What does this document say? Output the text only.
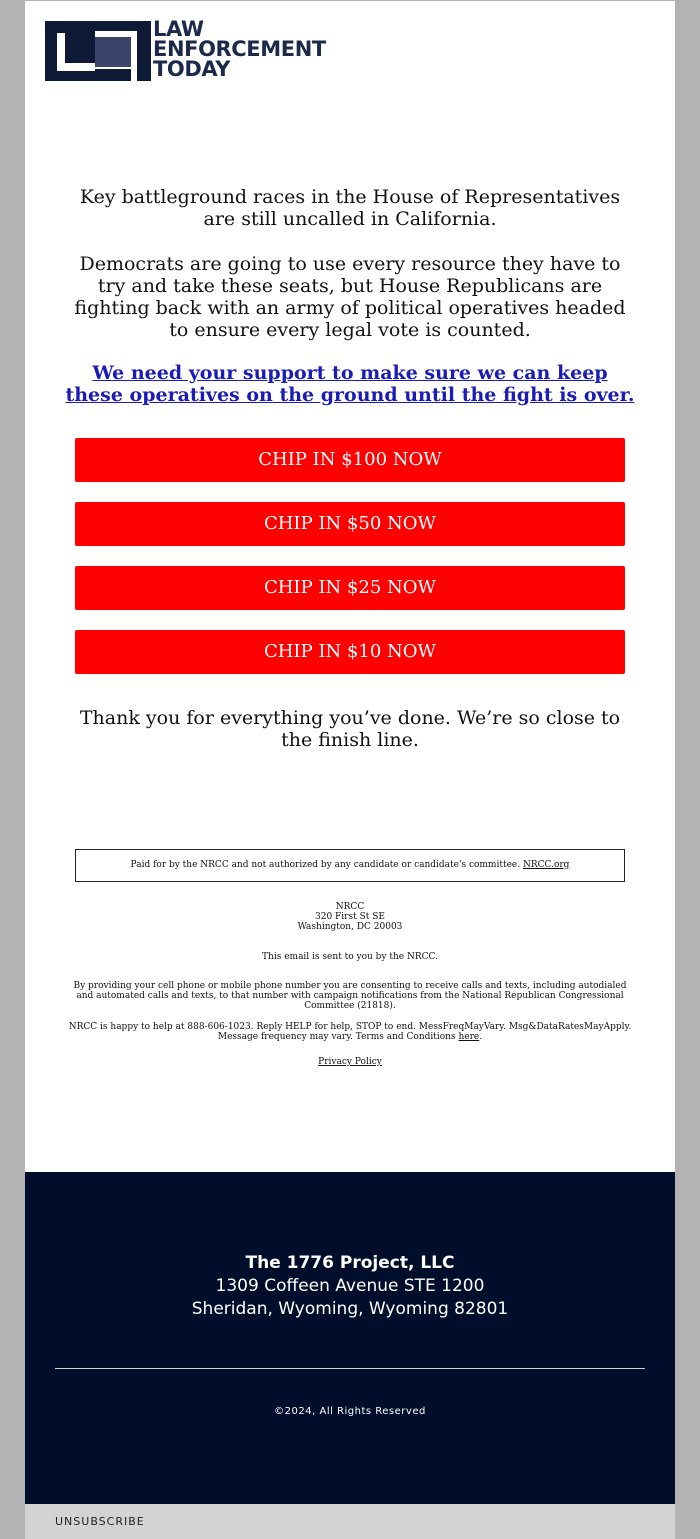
LAW
ENFORCEMENT
TODAY
Key battleground races in the House of Representatives are still uncalled in California.
Democrats are going to use every resource they have to try and take these seats, but House Republicans are fighting back with an army of political operatives headed to ensure every legal vote is counted.
We need your support to make sure we can keep these operatives on the ground until the fight is over.
CHIP IN $100 NOW
CHIP IN $50 NOW
CHIP IN $25 NOW
CHIP IN $10 NOW
Thank you for everything you’ve done. We’re so close to the finish line.
Paid for by the NRCC and not authorized by any candidate or candidate's committee. NRCC.org
NRCC
320 First St SE
Washington, DC 20003
This email is sent to you by the NRCC.
By providing your cell phone or mobile phone number you are consenting to receive calls and texts, including autodialed and automated calls and texts, to that number with campaign notifications from the National Republican Congressional Committee (21818).
NRCC is happy to help at 888-606-1023. Reply HELP for help, STOP to end. MessFreqMayVary. Msg&DataRatesMayApply. Message frequency may vary. Terms and Conditions here.
Privacy Policy
The 1776 Project, LLC
1309 Coffeen Avenue STE 1200
Sheridan, Wyoming, Wyoming 82801
©2024, All Rights Reserved
UNSUBSCRIBE
